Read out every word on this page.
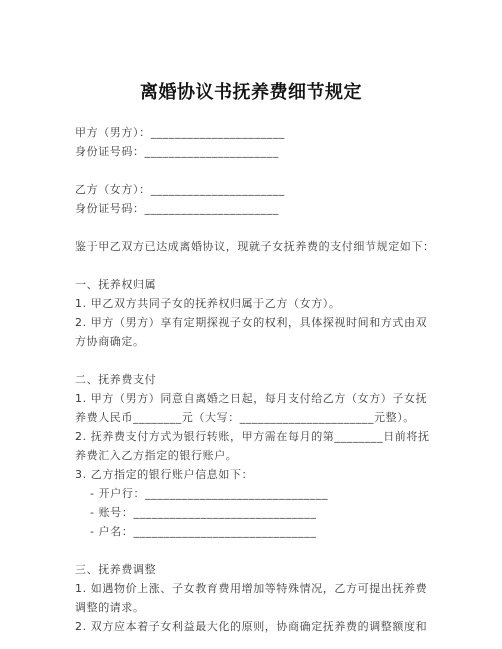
离婚协议书抚养费细节规定
甲方（男方）：______________________
身份证号码：______________________
乙方（女方）：______________________
身份证号码：______________________
鉴于甲乙双方已达成离婚协议，现就子女抚养费的支付细节规定如下：
一、抚养权归属
1. 甲乙双方共同子女的抚养权归属于乙方（女方）。
2. 甲方（男方）享有定期探视子女的权利，具体探视时间和方式由双
方协商确定。
二、抚养费支付
1. 甲方（男方）同意自离婚之日起，每月支付给乙方（女方）子女抚
养费人民币________元（大写：______________________元整）。
2. 抚养费支付方式为银行转账，甲方需在每月的第________日前将抚
养费汇入乙方指定的银行账户。
3. 乙方指定的银行账户信息如下：
- 开户行：______________________________
- 账号：______________________________
- 户名：______________________________
三、抚养费调整
1. 如遇物价上涨、子女教育费用增加等特殊情况，乙方可提出抚养费
调整的请求。
2. 双方应本着子女利益最大化的原则，协商确定抚养费的调整额度和
